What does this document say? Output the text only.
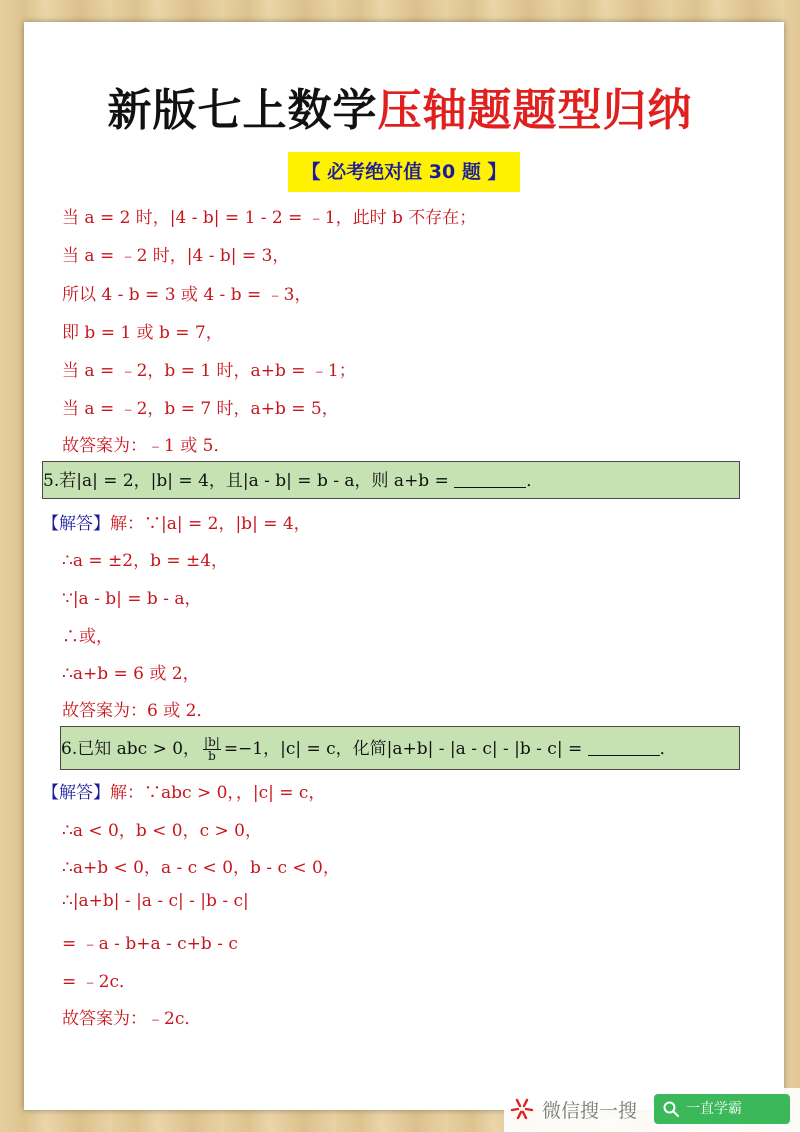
新版七上数学压轴题题型归纳
【 必考绝对值 30 题 】
当 a = 2 时，|4 - b| = 1 - 2 = ﹣1，此时 b 不存在；
当 a = ﹣2 时，|4 - b| = 3，
所以 4 - b = 3 或 4 - b = ﹣3，
即 b = 1 或 b = 7，
当 a = ﹣2，b = 1 时，a+b = ﹣1；
当 a = ﹣2，b = 7 时，a+b = 5，
故答案为：﹣1 或 5．
5.若|a| = 2，|b| = 4，且|a - b| = b - a，则 a+b =	．
【解答】解：∵|a| = 2，|b| = 4，
∴a = ±2，b = ±4，
∵|a - b| = b - a，
∴或，
∴a+b = 6 或 2，
故答案为：6 或 2．
6.已知 abc > 0， $\frac{|b|}{b} =-1$，|c| = c，化简|a+b| - |a - c| - |b - c| =	．
【解答】解：∵abc > 0，，|c| = c，
∴a < 0，b < 0，c > 0，
∴a+b < 0，a - c < 0，b - c < 0，
∴|a+b| - |a - c| - |b - c|
= ﹣a - b+a - c+b - c
= ﹣2c．
故答案为：﹣2c．
微信搜一搜	一直学霸
